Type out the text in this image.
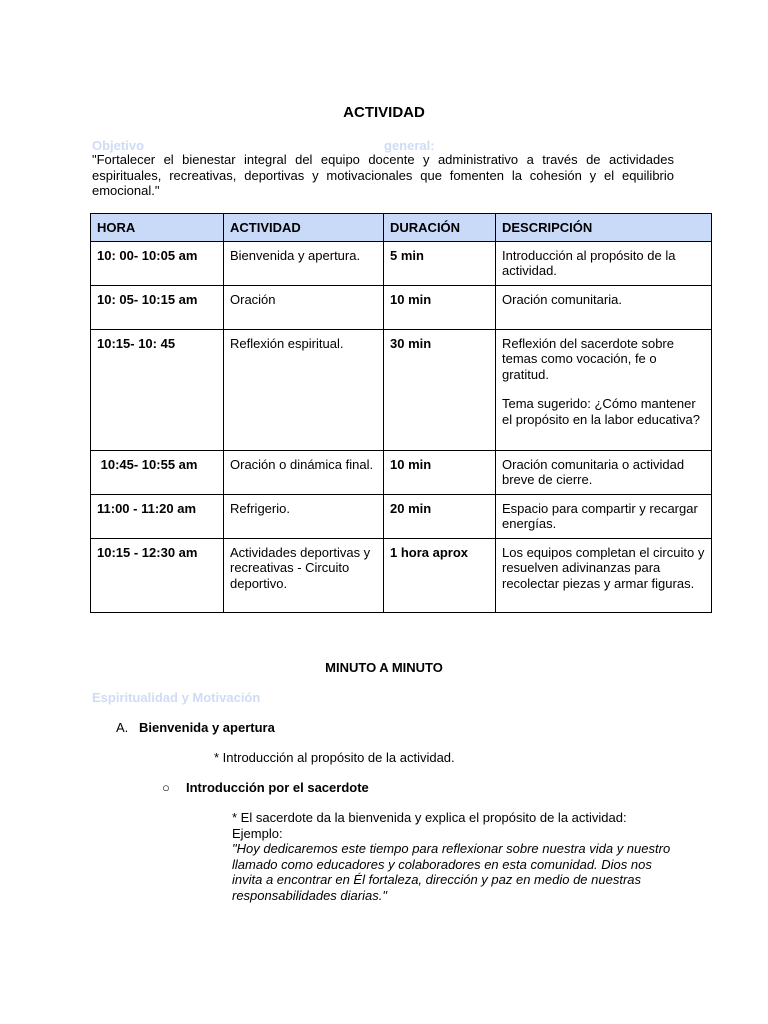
ACTIVIDAD
Objetivo	general:
"Fortalecer el bienestar integral del equipo docente y administrativo a través de actividades espirituales, recreativas, deportivas y motivacionales que fomenten la cohesión y el equilibrio emocional."
HORA	ACTIVIDAD	DURACIÓN	DESCRIPCIÓN
10: 00- 10:05 am	Bienvenida y apertura.	5 min	Introducción al propósito de la actividad.
10: 05- 10:15 am	Oración	10 min	Oración comunitaria.
10:15- 10: 45	Reflexión espiritual.	30 min	Reflexión del sacerdote sobre temas como vocación, fe o gratitud.
Tema sugerido: ¿Cómo mantener el propósito en la labor educativa?

10:45- 10:55 am	Oración o dinámica final.	10 min	Oración comunitaria o actividad breve de cierre.
11:00 - 11:20 am	Refrigerio.	20 min	Espacio para compartir y recargar energías.
10:15 - 12:30 am	Actividades deportivas y recreativas - Circuito deportivo.	1 hora aprox	Los equipos completan el circuito y resuelven adivinanzas para recolectar piezas y armar figuras.
MINUTO A MINUTO
Espiritualidad y Motivación
A. Bienvenida y apertura
* Introducción al propósito de la actividad.
○ Introducción por el sacerdote
* El sacerdote da la bienvenida y explica el propósito de la actividad:
Ejemplo:
"Hoy dedicaremos este tiempo para reflexionar sobre nuestra vida y nuestro llamado como educadores y colaboradores en esta comunidad. Dios nos invita a encontrar en Él fortaleza, dirección y paz en medio de nuestras responsabilidades diarias."
